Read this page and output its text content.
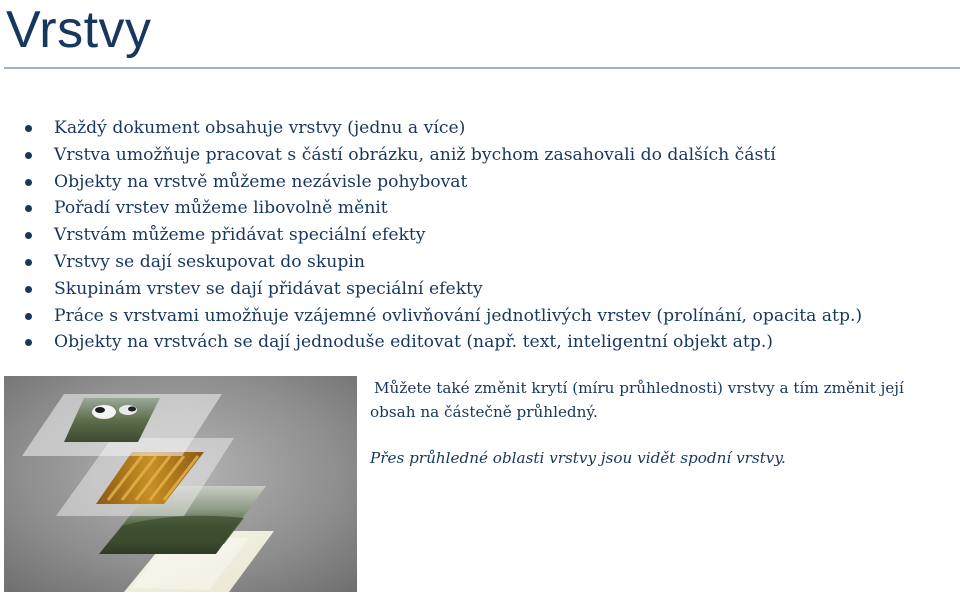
Vrstvy
Každý dokument obsahuje vrstvy (jednu a více)
Vrstva umožňuje pracovat s částí obrázku, aniž bychom zasahovali do dalších částí
Objekty na vrstvě můžeme nezávisle pohybovat
Pořadí vrstev můžeme libovolně měnit
Vrstvám můžeme přidávat speciální efekty
Vrstvy se dají seskupovat do skupin
Skupinám vrstev se dají přidávat speciální efekty
Práce s vrstvami umožňuje vzájemné ovlivňování jednotlivých vrstev (prolínání, opacita atp.)
Objekty na vrstvách se dají jednoduše editovat (např. text, inteligentní objekt atp.)

Můžete také změnit krytí (míru průhlednosti) vrstvy a tím změnit její obsah na částečně průhledný.

Přes průhledné oblasti vrstvy jsou vidět spodní vrstvy.
